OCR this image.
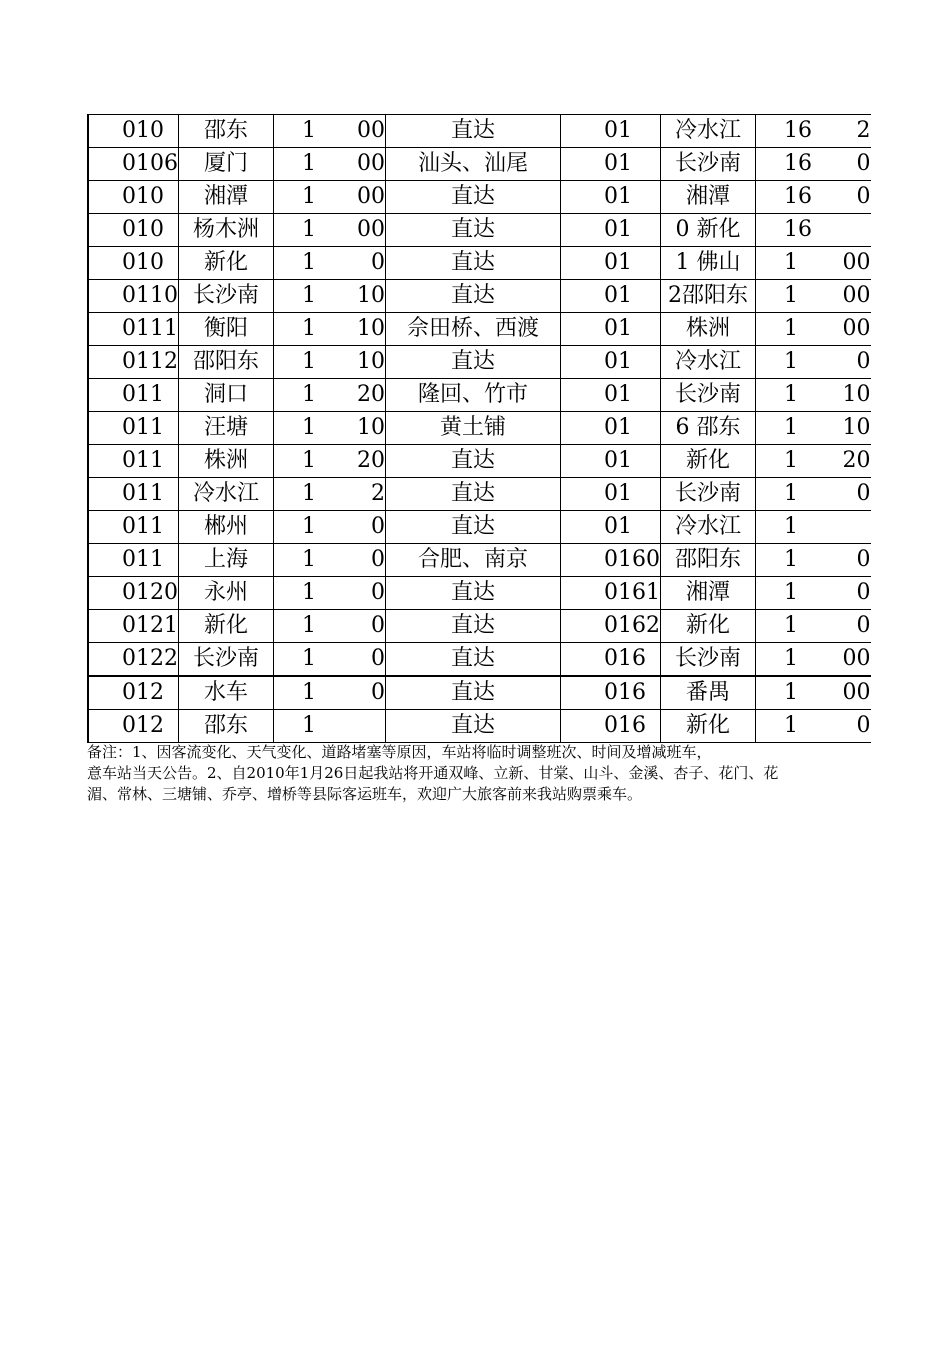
010	邵东	1 00	直达	01	冷水江	16 2

0106	厦门	1 00	汕头、汕尾	01	长沙南	16 0

010	湘潭	1 00	直达	01	湘潭	16 0

010	杨木洲	1 00	直达	01	0 新化	16

010	新化	1 0	直达	01	1 佛山	1 00

0110	长沙南	1 10	直达	01	2邵阳东	1 00

0111	衡阳	1 10	佘田桥、西渡	01	株洲	1 00

0112	邵阳东	1 10	直达	01	冷水江	1 0

011	洞口	1 20	隆回、竹市	01	长沙南	1 10

011	汪塘	1 10	黄土铺	01	6 邵东	1 10

011	株洲	1 20	直达	01	新化	1 20

011	冷水江	1 2	直达	01	长沙南	1 0

011	郴州	1 0	直达	01	冷水江	1

011	上海	1 0	合肥、南京	0160	邵阳东	1 0

0120	永州	1 0	直达	0161	湘潭	1 0

0121	新化	1 0	直达	0162	新化	1 0

0122	长沙南	1 0	直达	016	长沙南	1 00

012	水车	1 0	直达	016	番禺	1 00

012	邵东	1	直达	016	新化	1 0
备注：1、因客流变化、天气变化、道路堵塞等原因，车站将临时调整班次、时间及增减班车，
意车站当天公告。2、自2010年1月26日起我站将开通双峰、立新、甘棠、山斗、金溪、杏子、花门、花
湄、常林、三塘铺、乔亭、增桥等县际客运班车，欢迎广大旅客前来我站购票乘车。
